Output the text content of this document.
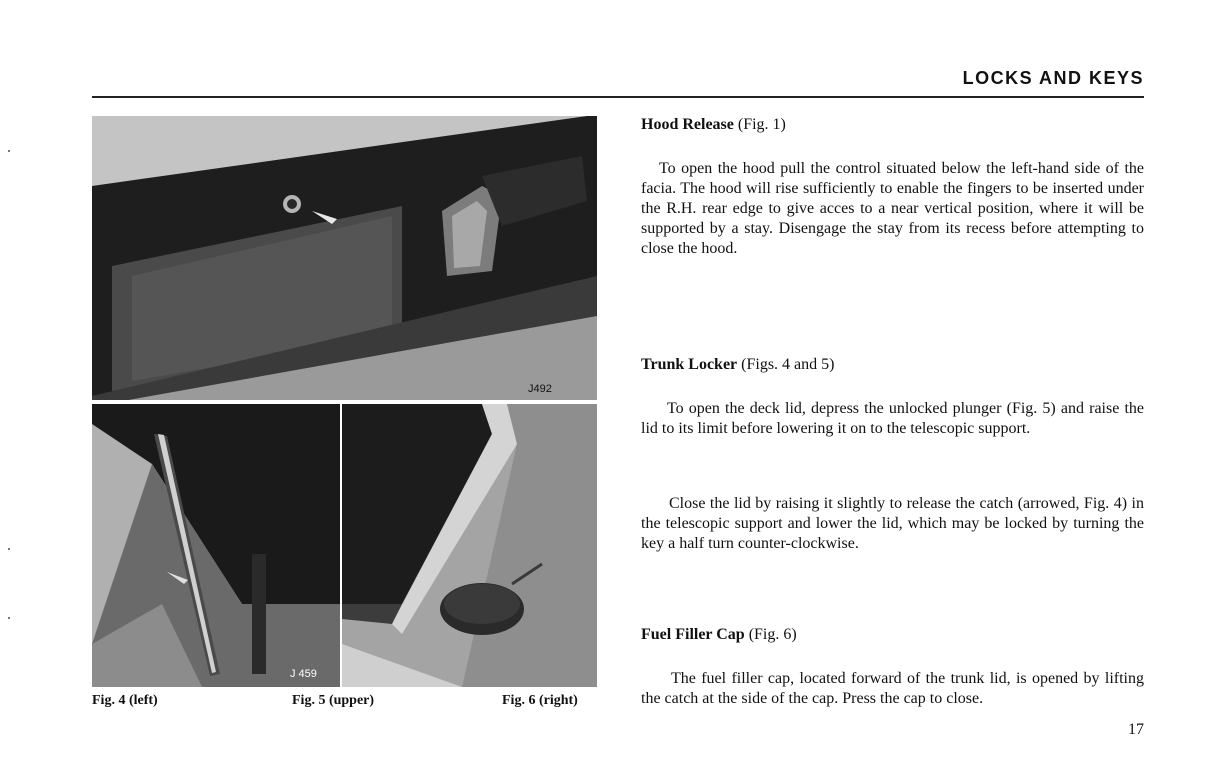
LOCKS AND KEYS
J492
J 459
Fig. 4 (left)	Fig. 5 (upper)	Fig. 6 (right)
Hood Release (Fig. 1)

To open the hood pull the control situated below the left-hand side of the facia. The hood will rise sufficiently to enable the fingers to be inserted under the R.H. rear edge to give acces to a near vertical position, where it will be supported by a stay. Disengage the stay from its recess before attempting to close the hood.

Trunk Locker (Figs. 4 and 5)

To open the deck lid, depress the unlocked plunger (Fig. 5) and raise the lid to its limit before lowering it on to the telescopic support.

Close the lid by raising it slightly to release the catch (arrowed, Fig. 4) in the telescopic support and lower the lid, which may be locked by turning the key a half turn counter-clockwise.

Fuel Filler Cap (Fig. 6)

The fuel filler cap, located forward of the trunk lid, is opened by lifting the catch at the side of the cap. Press the cap to close.

17
